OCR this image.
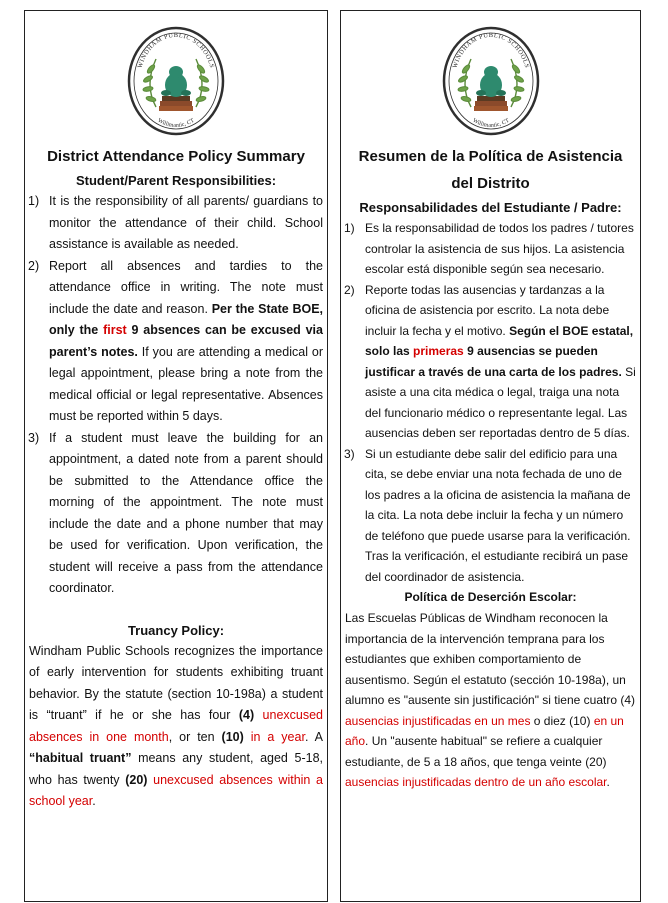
WINDHAM PUBLIC SCHOOLS
Willimantic, CT
District Attendance Policy Summary
Student/Parent Responsibilities:
1) It is the responsibility of all parents/ guardians to monitor the attendance of their child. School assistance is available as needed.
2) Report all absences and tardies to the attendance office in writing. The note must include the date and reason. Per the State BOE, only the first 9 absences can be excused via parent’s notes. If you are attending a medical or legal appointment, please bring a note from the medical official or legal representative. Absences must be reported within 5 days.
3) If a student must leave the building for an appointment, a dated note from a parent should be submitted to the Attendance office the morning of the appointment. The note must include the date and a phone number that may be used for verification. Upon verification, the student will receive a pass from the attendance coordinator.
Truancy Policy:
Windham Public Schools recognizes the importance of early intervention for students exhibiting truant behavior. By the statute (section 10-198a) a student is “truant” if he or she has four (4) unexcused absences in one month, or ten (10) in a year. A “habitual truant” means any student, aged 5-18, who has twenty (20) unexcused absences within a school year.
WINDHAM PUBLIC SCHOOLS
Willimantic, CT
Resumen de la Política de Asistencia del Distrito
Responsabilidades del Estudiante / Padre:
1) Es la responsabilidad de todos los padres / tutores controlar la asistencia de sus hijos. La asistencia escolar está disponible según sea necesario.
2) Reporte todas las ausencias y tardanzas a la oficina de asistencia por escrito. La nota debe incluir la fecha y el motivo. Según el BOE estatal, solo las primeras 9 ausencias se pueden justificar a través de una carta de los padres. Si asiste a una cita médica o legal, traiga una nota del funcionario médico o representante legal. Las ausencias deben ser reportadas dentro de 5 días.
3) Si un estudiante debe salir del edificio para una cita, se debe enviar una nota fechada de uno de los padres a la oficina de asistencia la mañana de la cita. La nota debe incluir la fecha y un número de teléfono que puede usarse para la verificación. Tras la verificación, el estudiante recibirá un pase del coordinador de asistencia.
Política de Deserción Escolar:
Las Escuelas Públicas de Windham reconocen la importancia de la intervención temprana para los estudiantes que exhiben comportamiento de ausentismo. Según el estatuto (sección 10-198a), un alumno es "ausente sin justificación" si tiene cuatro (4) ausencias injustificadas en un mes o diez (10) en un año. Un "ausente habitual" se refiere a cualquier estudiante, de 5 a 18 años, que tenga veinte (20) ausencias injustificadas dentro de un año escolar.
